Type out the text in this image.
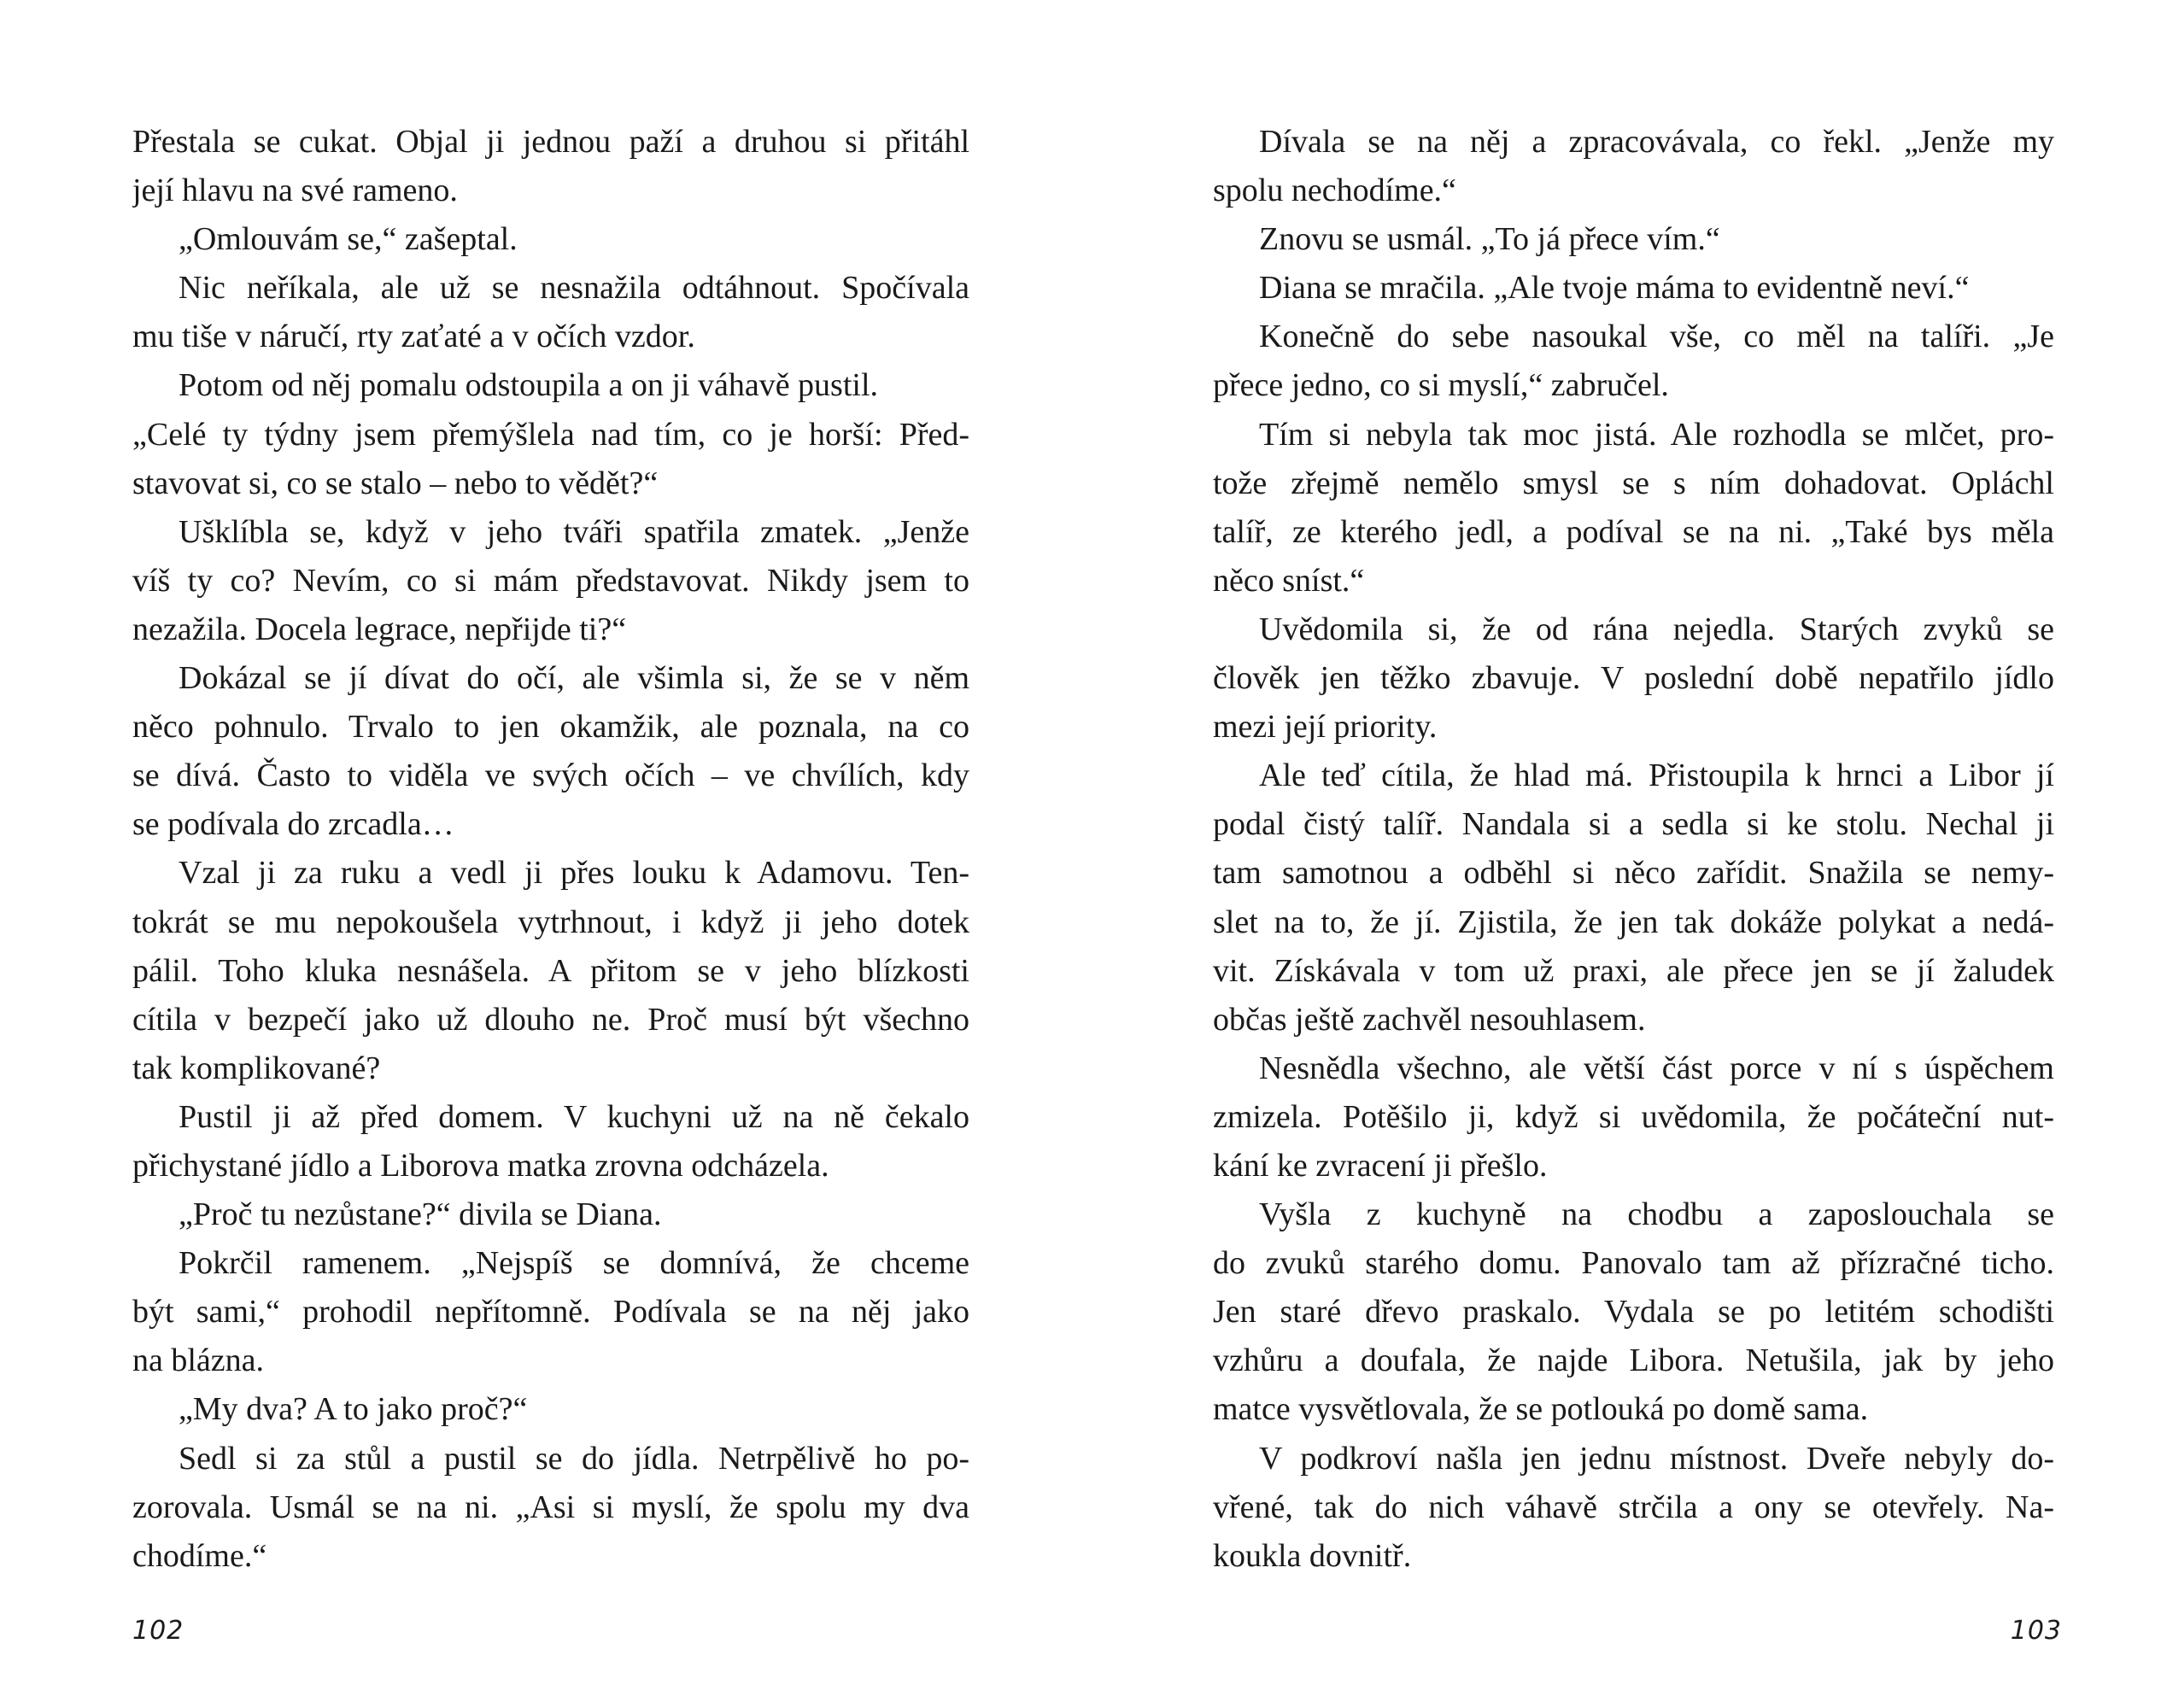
Přestala se cukat. Objal ji jednou paží a druhou si přitáhl
její hlavu na své rameno.
„Omlouvám se,“ zašeptal.
Nic neříkala, ale už se nesnažila odtáhnout. Spočívala
mu tiše v náručí, rty zaťaté a v očích vzdor.
Potom od něj pomalu odstoupila a on ji váhavě pustil.
„Celé ty týdny jsem přemýšlela nad tím, co je horší: Před-
stavovat si, co se stalo – nebo to vědět?“
Ušklíbla se, když v jeho tváři spatřila zmatek. „Jenže
víš ty co? Nevím, co si mám představovat. Nikdy jsem to
nezažila. Docela legrace, nepřijde ti?“
Dokázal se jí dívat do očí, ale všimla si, že se v něm
něco pohnulo. Trvalo to jen okamžik, ale poznala, na co
se dívá. Často to viděla ve svých očích – ve chvílích, kdy
se podívala do zrcadla…
Vzal ji za ruku a vedl ji přes louku k Adamovu. Ten-
tokrát se mu nepokoušela vytrhnout, i když ji jeho dotek
pálil. Toho kluka nesnášela. A přitom se v jeho blízkosti
cítila v bezpečí jako už dlouho ne. Proč musí být všechno
tak komplikované?
Pustil ji až před domem. V kuchyni už na ně čekalo
přichystané jídlo a Liborova matka zrovna odcházela.
„Proč tu nezůstane?“ divila se Diana.
Pokrčil ramenem. „Nejspíš se domnívá, že chceme
být sami,“ prohodil nepřítomně. Podívala se na něj jako
na blázna.
„My dva? A to jako proč?“
Sedl si za stůl a pustil se do jídla. Netrpělivě ho po-
zorovala. Usmál se na ni. „Asi si myslí, že spolu my dva
chodíme.“
102
Dívala se na něj a zpracovávala, co řekl. „Jenže my
spolu nechodíme.“
Znovu se usmál. „To já přece vím.“
Diana se mračila. „Ale tvoje máma to evidentně neví.“
Konečně do sebe nasoukal vše, co měl na talíři. „Je
přece jedno, co si myslí,“ zabručel.
Tím si nebyla tak moc jistá. Ale rozhodla se mlčet, pro-
tože zřejmě nemělo smysl se s ním dohadovat. Opláchl
talíř, ze kterého jedl, a podíval se na ni. „Také bys měla
něco sníst.“
Uvědomila si, že od rána nejedla. Starých zvyků se
člověk jen těžko zbavuje. V poslední době nepatřilo jídlo
mezi její priority.
Ale teď cítila, že hlad má. Přistoupila k hrnci a Libor jí
podal čistý talíř. Nandala si a sedla si ke stolu. Nechal ji
tam samotnou a odběhl si něco zařídit. Snažila se nemy-
slet na to, že jí. Zjistila, že jen tak dokáže polykat a nedá-
vit. Získávala v tom už praxi, ale přece jen se jí žaludek
občas ještě zachvěl nesouhlasem.
Nesnědla všechno, ale větší část porce v ní s úspěchem
zmizela. Potěšilo ji, když si uvědomila, že počáteční nut-
kání ke zvracení ji přešlo.
Vyšla z kuchyně na chodbu a zaposlouchala se
do zvuků starého domu. Panovalo tam až přízračné ticho.
Jen staré dřevo praskalo. Vydala se po letitém schodišti
vzhůru a doufala, že najde Libora. Netušila, jak by jeho
matce vysvětlovala, že se potlouká po domě sama.
V podkroví našla jen jednu místnost. Dveře nebyly do-
vřené, tak do nich váhavě strčila a ony se otevřely. Na-
koukla dovnitř.
103
